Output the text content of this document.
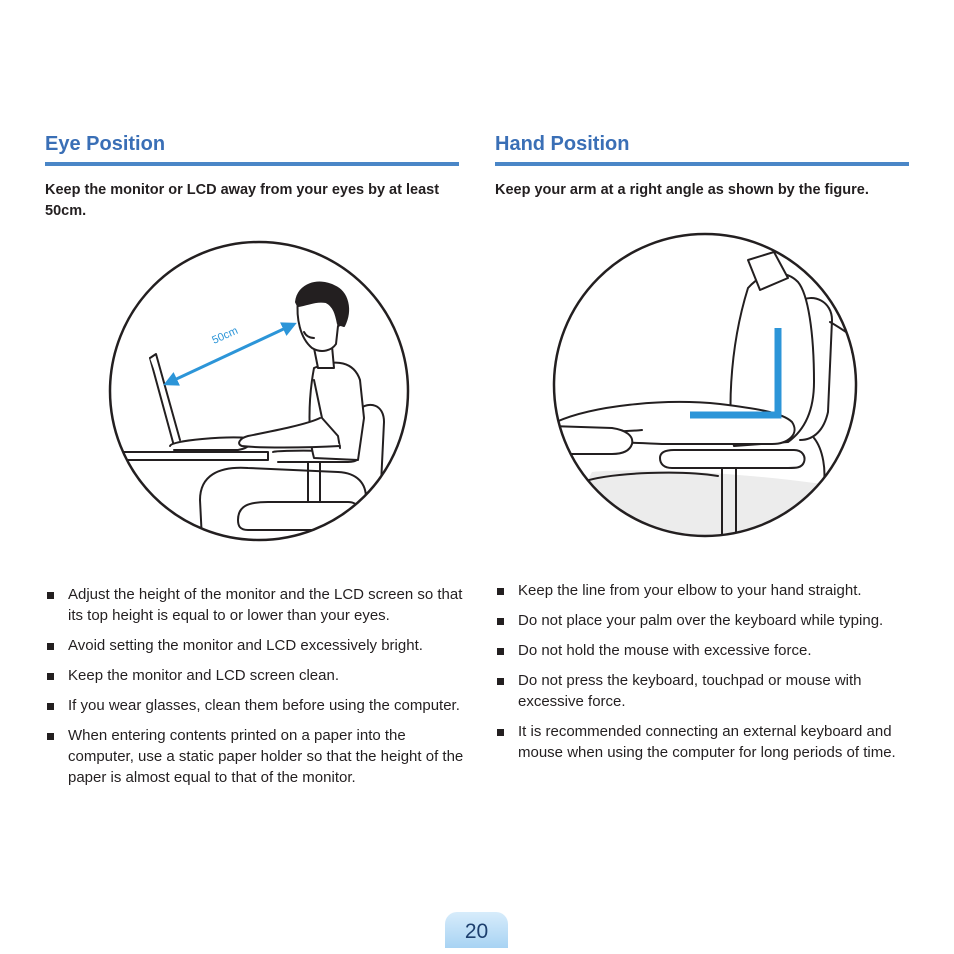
Eye Position
Keep the monitor or LCD away from your eyes by at least 50cm.
Hand Position
Keep your arm at a right angle as shown by the figure.
50cm
Adjust the height of the monitor and the LCD screen so that its top height is equal to or lower than your eyes.
Avoid setting the monitor and LCD excessively bright.
Keep the monitor and LCD screen clean.
If you wear glasses, clean them before using the computer.
When entering contents printed on a paper into the computer, use a static paper holder so that the height of the paper is almost equal to that of the monitor.
Keep the line from your elbow to your hand straight.
Do not place your palm over the keyboard while typing.
Do not hold the mouse with excessive force.
Do not press the keyboard, touchpad or mouse with excessive force.
It is recommended connecting an external keyboard and mouse when using the computer for long periods of time.
20
